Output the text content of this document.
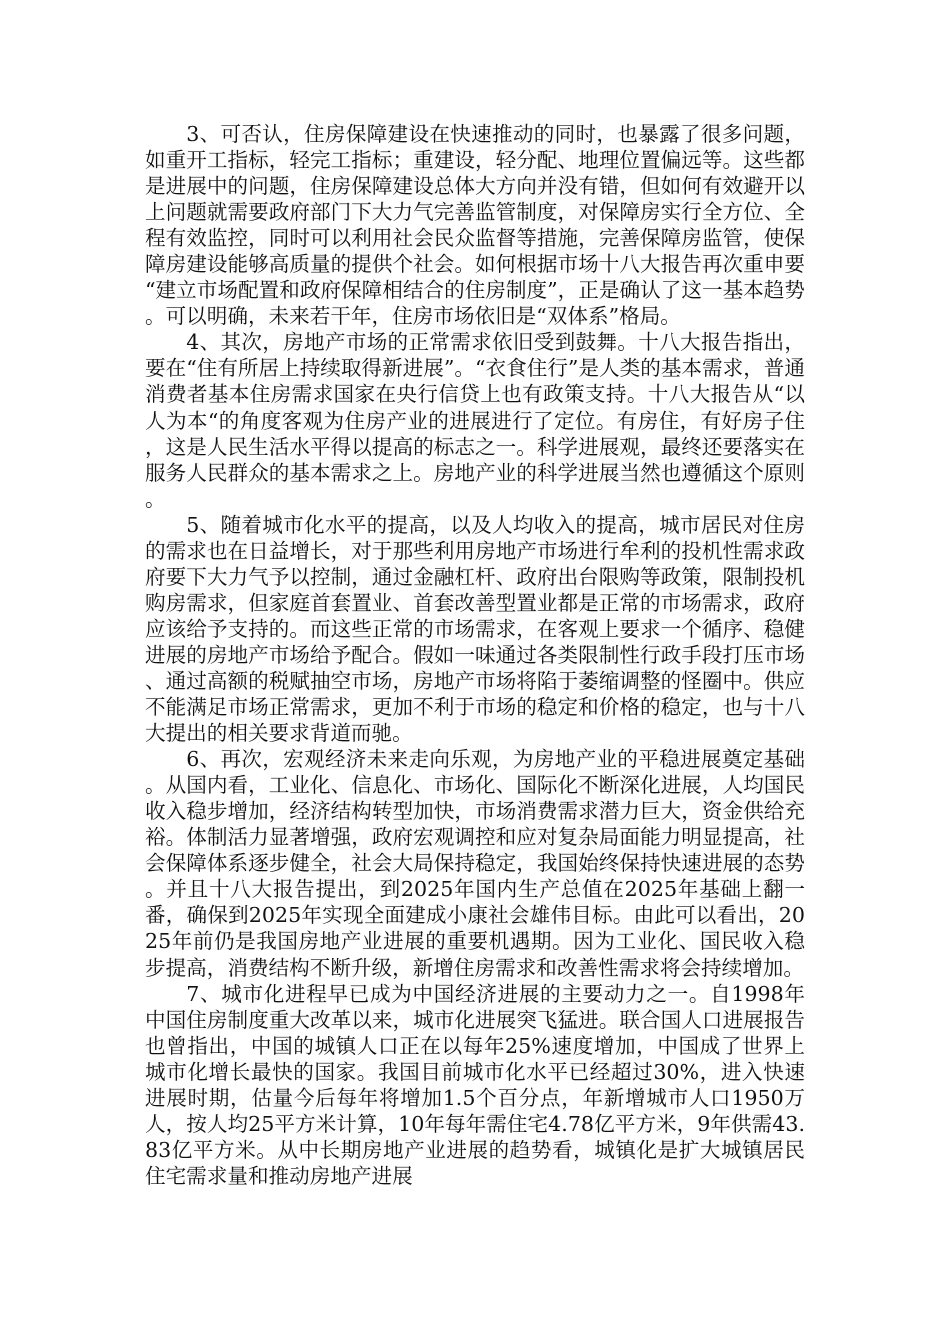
3、可否认，住房保障建设在快速推动的同时，也暴露了很多问题，如重开工指标，轻完工指标；重建设，轻分配、地理位置偏远等。这些都是进展中的问题，住房保障建设总体大方向并没有错，但如何有效避开以上问题就需要政府部门下大力气完善监管制度，对保障房实行全方位、全程有效监控，同时可以利用社会民众监督等措施，完善保障房监管，使保障房建设能够高质量的提供个社会。如何根据市场十八大报告再次重申要“建立市场配置和政府保障相结合的住房制度”，正是确认了这一基本趋势。可以明确，未来若干年，住房市场依旧是“双体系”格局。

4、其次，房地产市场的正常需求依旧受到鼓舞。十八大报告指出，要在“住有所居上持续取得新进展”。“衣食住行”是人类的基本需求，普通消费者基本住房需求国家在央行信贷上也有政策支持。十八大报告从“以人为本“的角度客观为住房产业的进展进行了定位。有房住，有好房子住，这是人民生活水平得以提高的标志之一。科学进展观，最终还要落实在服务人民群众的基本需求之上。房地产业的科学进展当然也遵循这个原则。

5、随着城市化水平的提高，以及人均收入的提高，城市居民对住房的需求也在日益增长，对于那些利用房地产市场进行牟利的投机性需求政府要下大力气予以控制，通过金融杠杆、政府出台限购等政策，限制投机购房需求，但家庭首套置业、首套改善型置业都是正常的市场需求，政府应该给予支持的。而这些正常的市场需求，在客观上要求一个循序、稳健进展的房地产市场给予配合。假如一味通过各类限制性行政手段打压市场、通过高额的税赋抽空市场，房地产市场将陷于萎缩调整的怪圈中。供应不能满足市场正常需求，更加不利于市场的稳定和价格的稳定，也与十八大提出的相关要求背道而驰。

6、再次，宏观经济未来走向乐观，为房地产业的平稳进展奠定基础。从国内看，工业化、信息化、市场化、国际化不断深化进展，人均国民收入稳步增加，经济结构转型加快，市场消费需求潜力巨大，资金供给充裕。体制活力显著增强，政府宏观调控和应对复杂局面能力明显提高，社会保障体系逐步健全，社会大局保持稳定，我国始终保持快速进展的态势。并且十八大报告提出，到2025年国内生产总值在2025年基础上翻一番，确保到2025年实现全面建成小康社会雄伟目标。由此可以看出，2025年前仍是我国房地产业进展的重要机遇期。因为工业化、国民收入稳步提高，消费结构不断升级，新增住房需求和改善性需求将会持续增加。

7、城市化进程早已成为中国经济进展的主要动力之一。自1998年中国住房制度重大改革以来，城市化进展突飞猛进。联合国人口进展报告也曾指出，中国的城镇人口正在以每年25%速度增加，中国成了世界上城市化增长最快的国家。我国目前城市化水平已经超过30%，进入快速进展时期，估量今后每年将增加1.5个百分点，年新增城市人口1950万人，按人均25平方米计算，10年每年需住宅4.78亿平方米，9年供需43.83亿平方米。从中长期房地产业进展的趋势看，城镇化是扩大城镇居民住宅需求量和推动房地产进展
